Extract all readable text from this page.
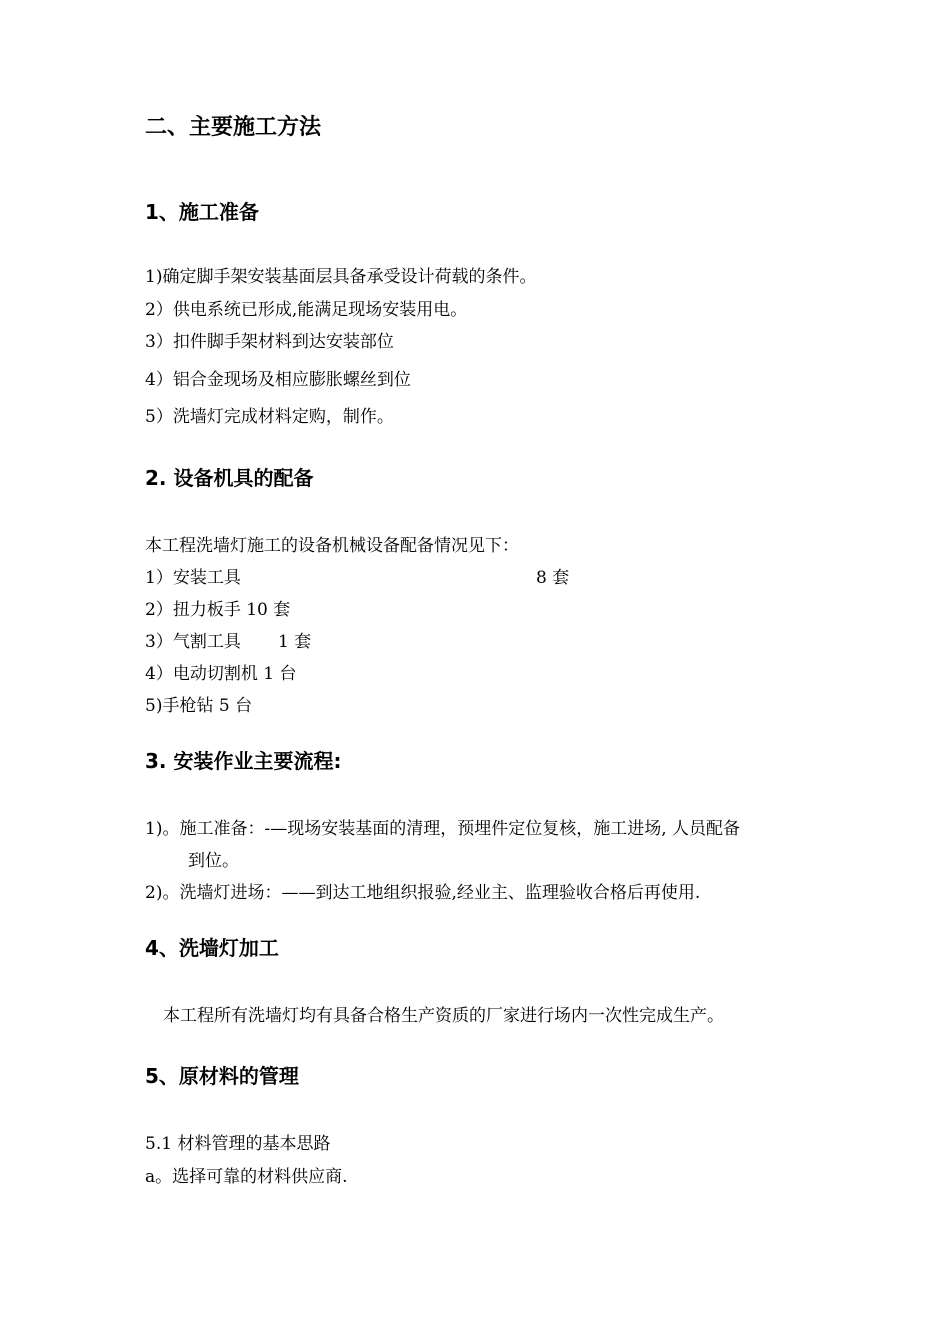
二、主要施工方法
1、施工准备

1)确定脚手架安装基面层具备承受设计荷载的条件。

2）供电系统已形成,能满足现场安装用电。

3）扣件脚手架材料到达安装部位

4）铝合金现场及相应膨胀螺丝到位

5）洗墙灯完成材料定购，制作。

2. 设备机具的配备

本工程洗墙灯施工的设备机械设备配备情况见下：

1）安装工具	8 套

2）扭力板手 10 套

3）气割工具 1 套

4）电动切割机 1 台

5)手枪钻 5 台

3. 安装作业主要流程:

1)。施工准备：-—现场安装基面的清理，预埋件定位复核，施工进场, 人员配备

到位。

2)。洗墙灯进场：——到达工地组织报验,经业主、监理验收合格后再使用.

4、洗墙灯加工

本工程所有洗墙灯均有具备合格生产资质的厂家进行场内一次性完成生产。

5、原材料的管理

5.1 材料管理的基本思路

a。选择可靠的材料供应商.
